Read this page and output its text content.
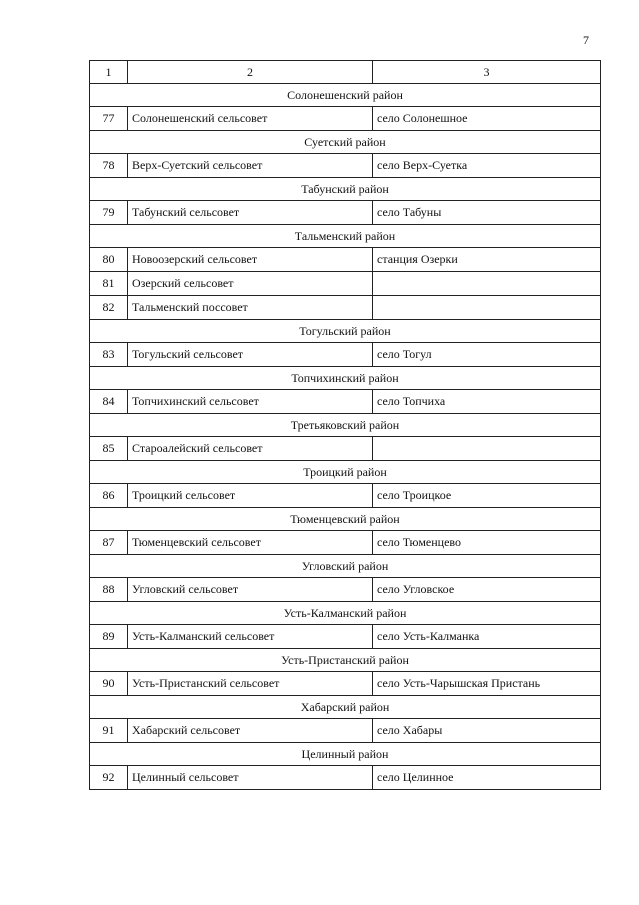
7
1	2	3
Солонешенский район		
77	Солонешенский сельсовет	село Солонешное
Суетский район		
78	Верх-Суетский сельсовет	село Верх-Суетка
Табунский район		
79	Табунский сельсовет	село Табуны
Тальменский район		
80	Новоозерский сельсовет	станция Озерки
81	Озерский сельсовет	
82	Тальменский поссовет	
Тогульский район		
83	Тогульский сельсовет	село Тогул
Топчихинский район		
84	Топчихинский сельсовет	село Топчиха
Третьяковский район		
85	Староалейский сельсовет	
Троицкий район		
86	Троицкий сельсовет	село Троицкое
Тюменцевский район		
87	Тюменцевский сельсовет	село Тюменцево
Угловский район		
88	Угловский сельсовет	село Угловское
Усть-Калманский район		
89	Усть-Калманский сельсовет	село Усть-Калманка
Усть-Пристанский район		
90	Усть-Пристанский сельсовет	село Усть-Чарышская Пристань
Хабарский район		
91	Хабарский сельсовет	село Хабары
Целинный район		
92	Целинный сельсовет	село Целинное
